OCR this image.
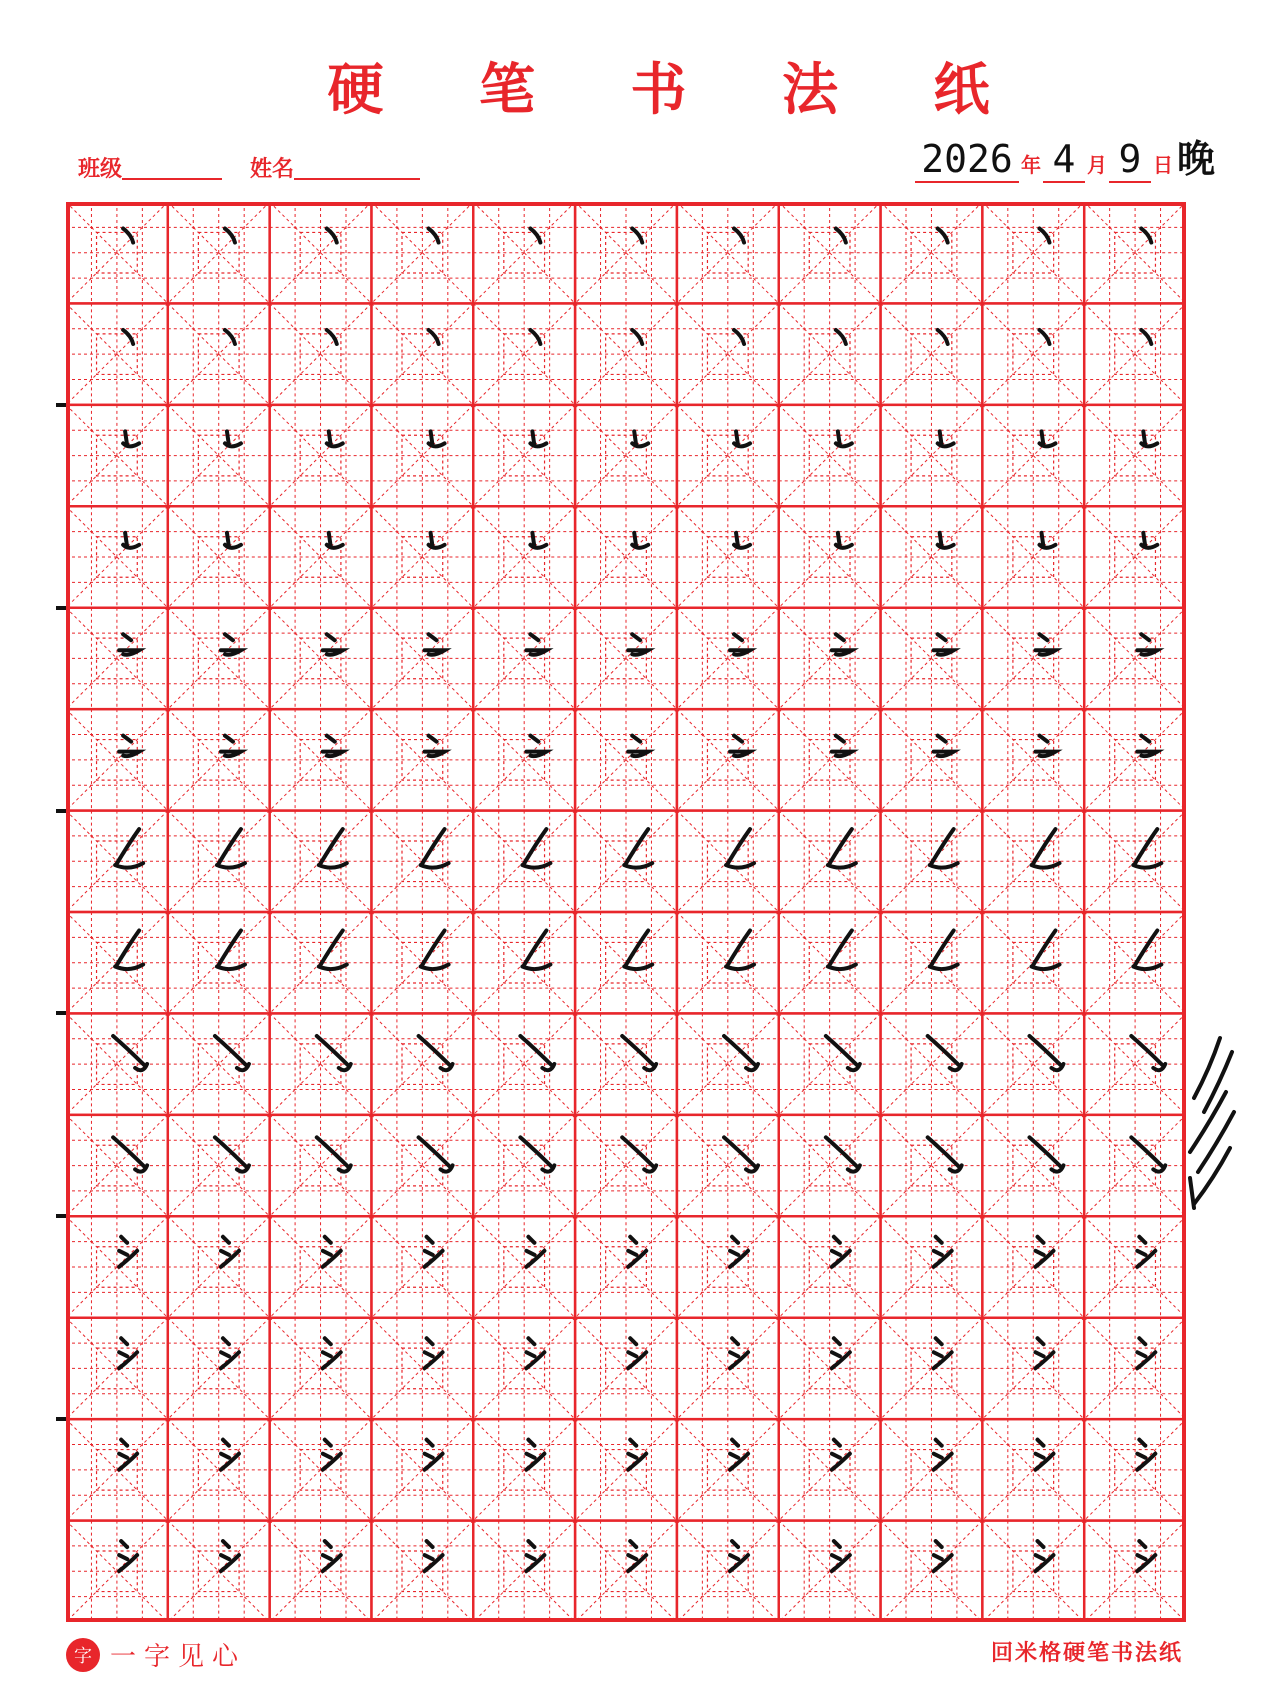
硬 笔 书 法 纸
班级	姓名	2026 年 4 月 9 日 晚
字 一字见心	回米格硬笔书法纸
